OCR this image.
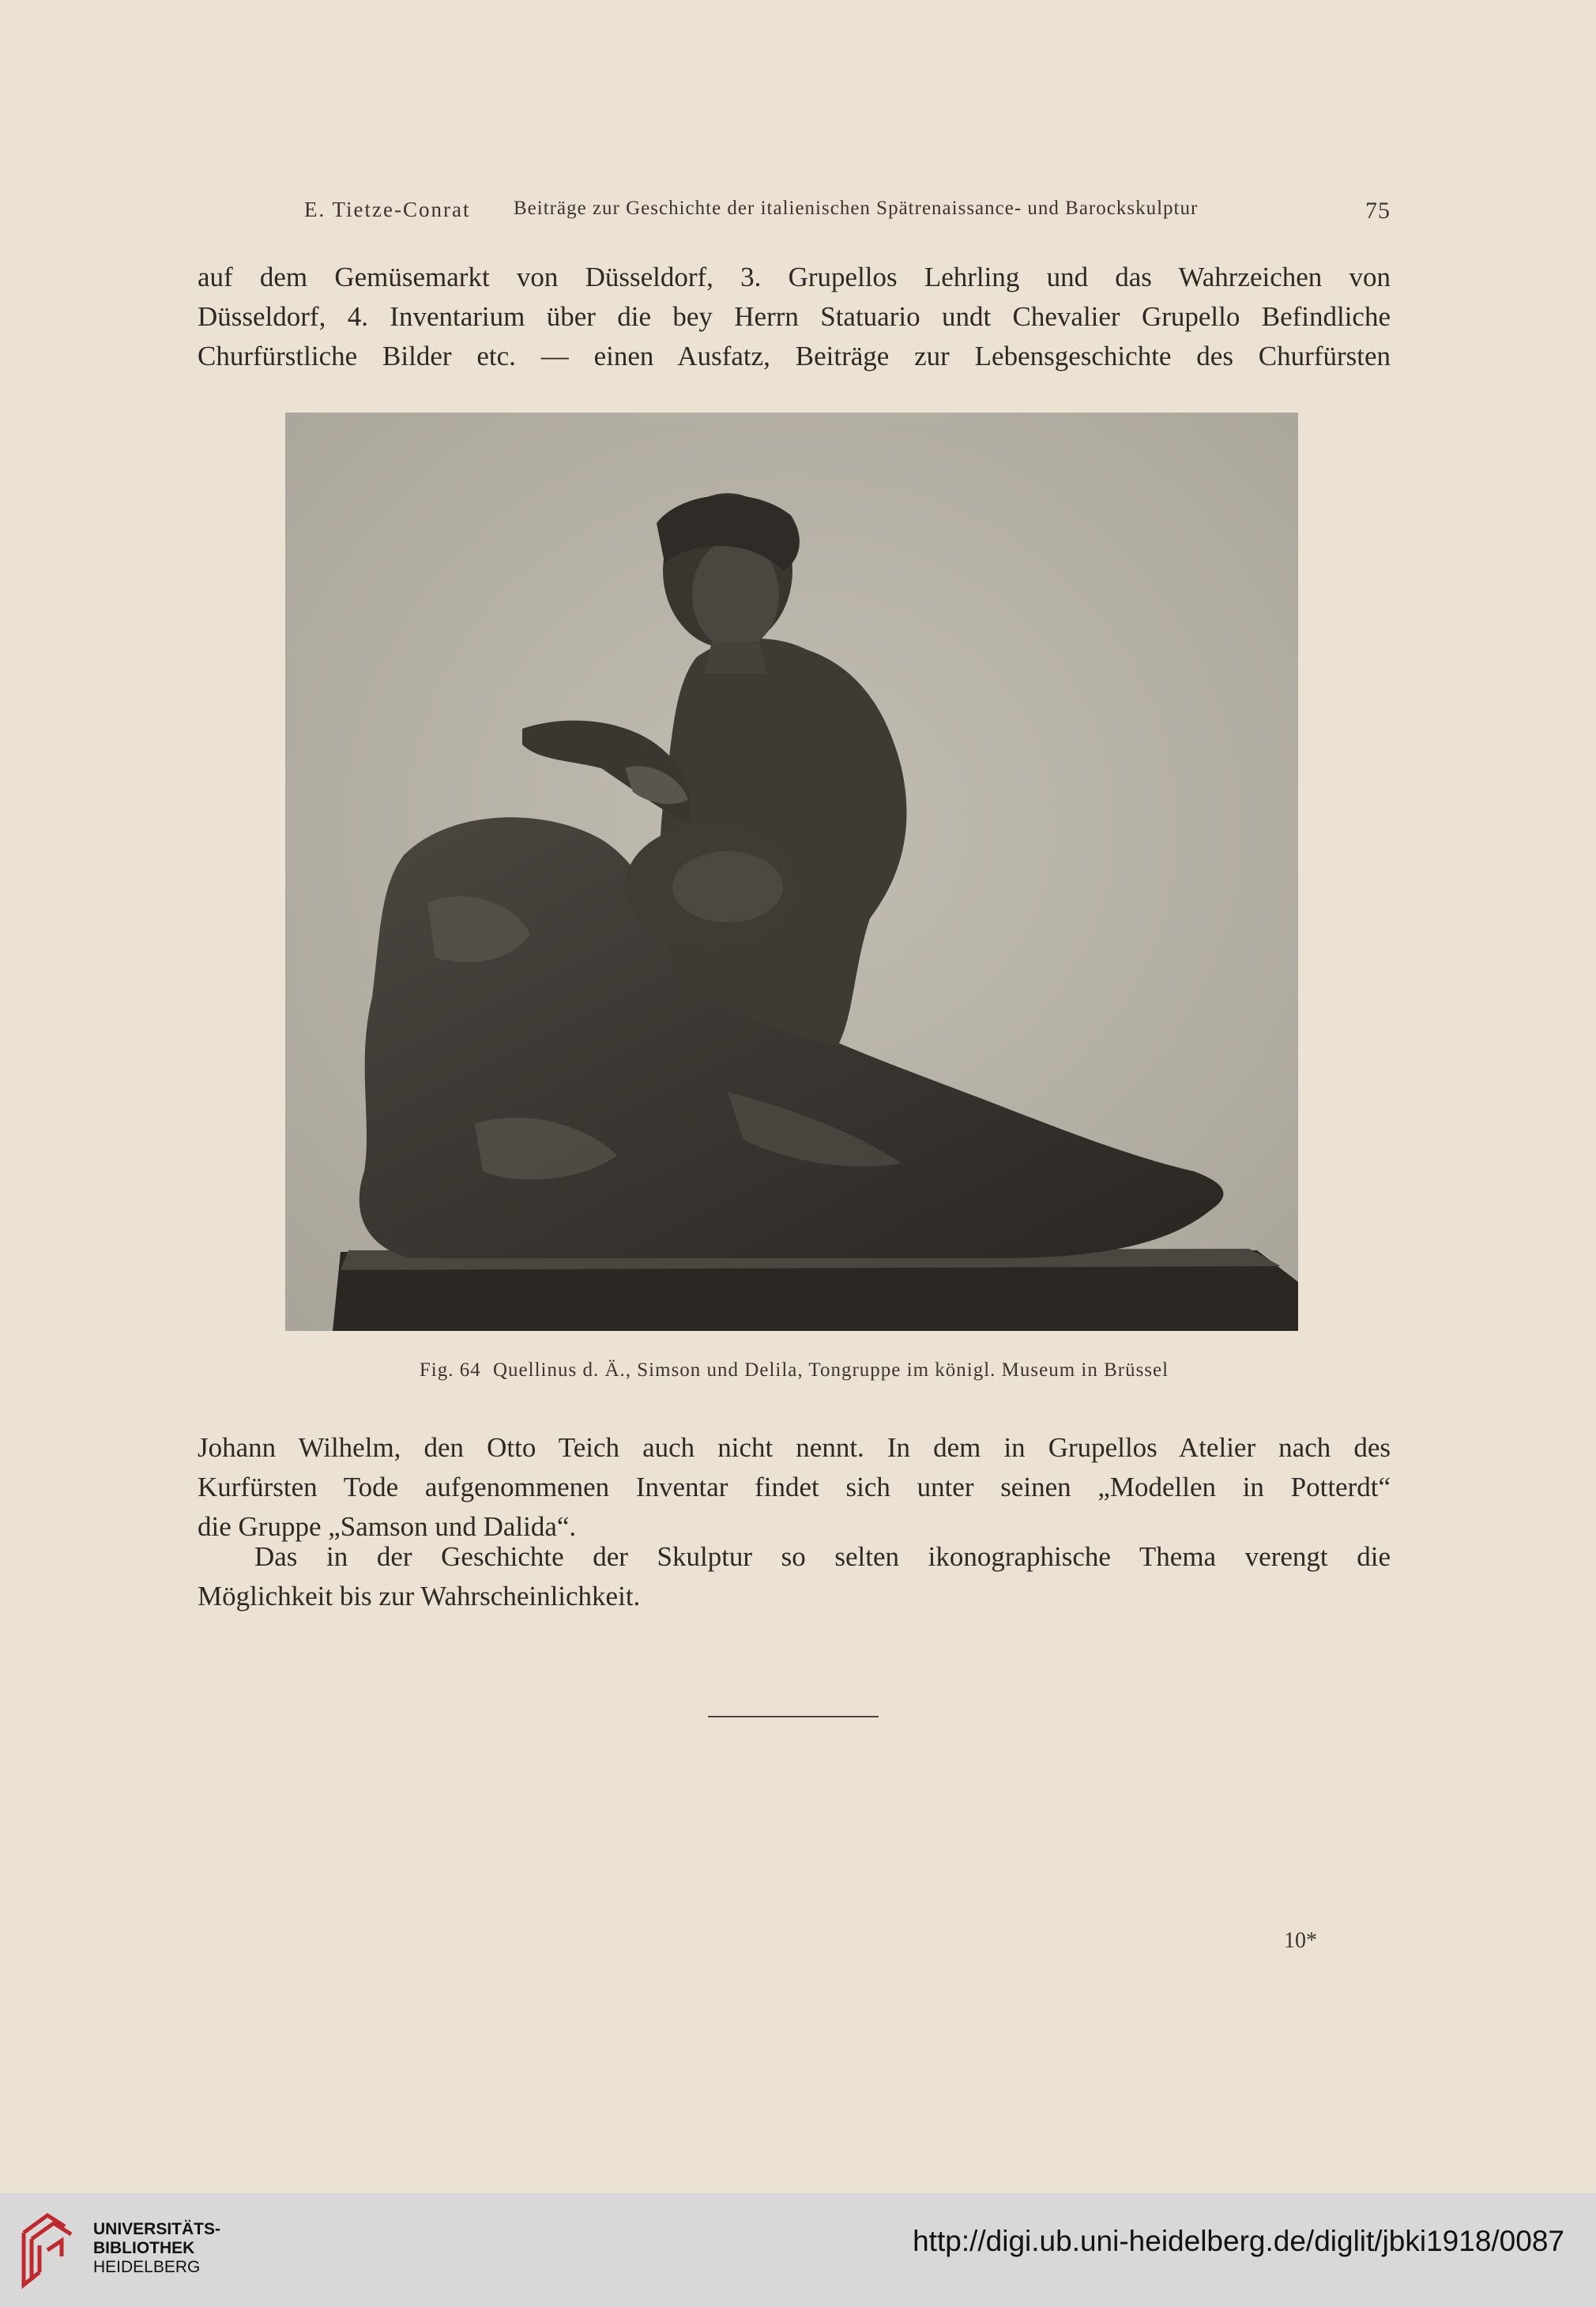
E. Tietze-Conrat Beiträge zur Geschichte der italienischen Spätrenaissance- und Barockskulptur	75
auf dem Gemüsemarkt von Düsseldorf, 3. Grupellos Lehrling und das Wahrzeichen von
Düsseldorf, 4. Inventarium über die bey Herrn Statuario undt Chevalier Grupello Befindliche
Churfürstliche Bilder etc. — einen Ausfatz, Beiträge zur Lebensgeschichte des Churfürsten
Fig. 64 Quellinus d. Ä., Simson und Delila, Tongruppe im königl. Museum in Brüssel
Johann Wilhelm, den Otto Teich auch nicht nennt. In dem in Grupellos Atelier nach des
Kurfürsten Tode aufgenommenen Inventar findet sich unter seinen „Modellen in Potterdt“
die Gruppe „Samson und Dalida“.
Das in der Geschichte der Skulptur so selten ikonographische Thema verengt die
Möglichkeit bis zur Wahrscheinlichkeit.
10*
UNIVERSITÄTS-
BIBLIOTHEK
HEIDELBERG
http://digi.ub.uni-heidelberg.de/diglit/jbki1918/0087
